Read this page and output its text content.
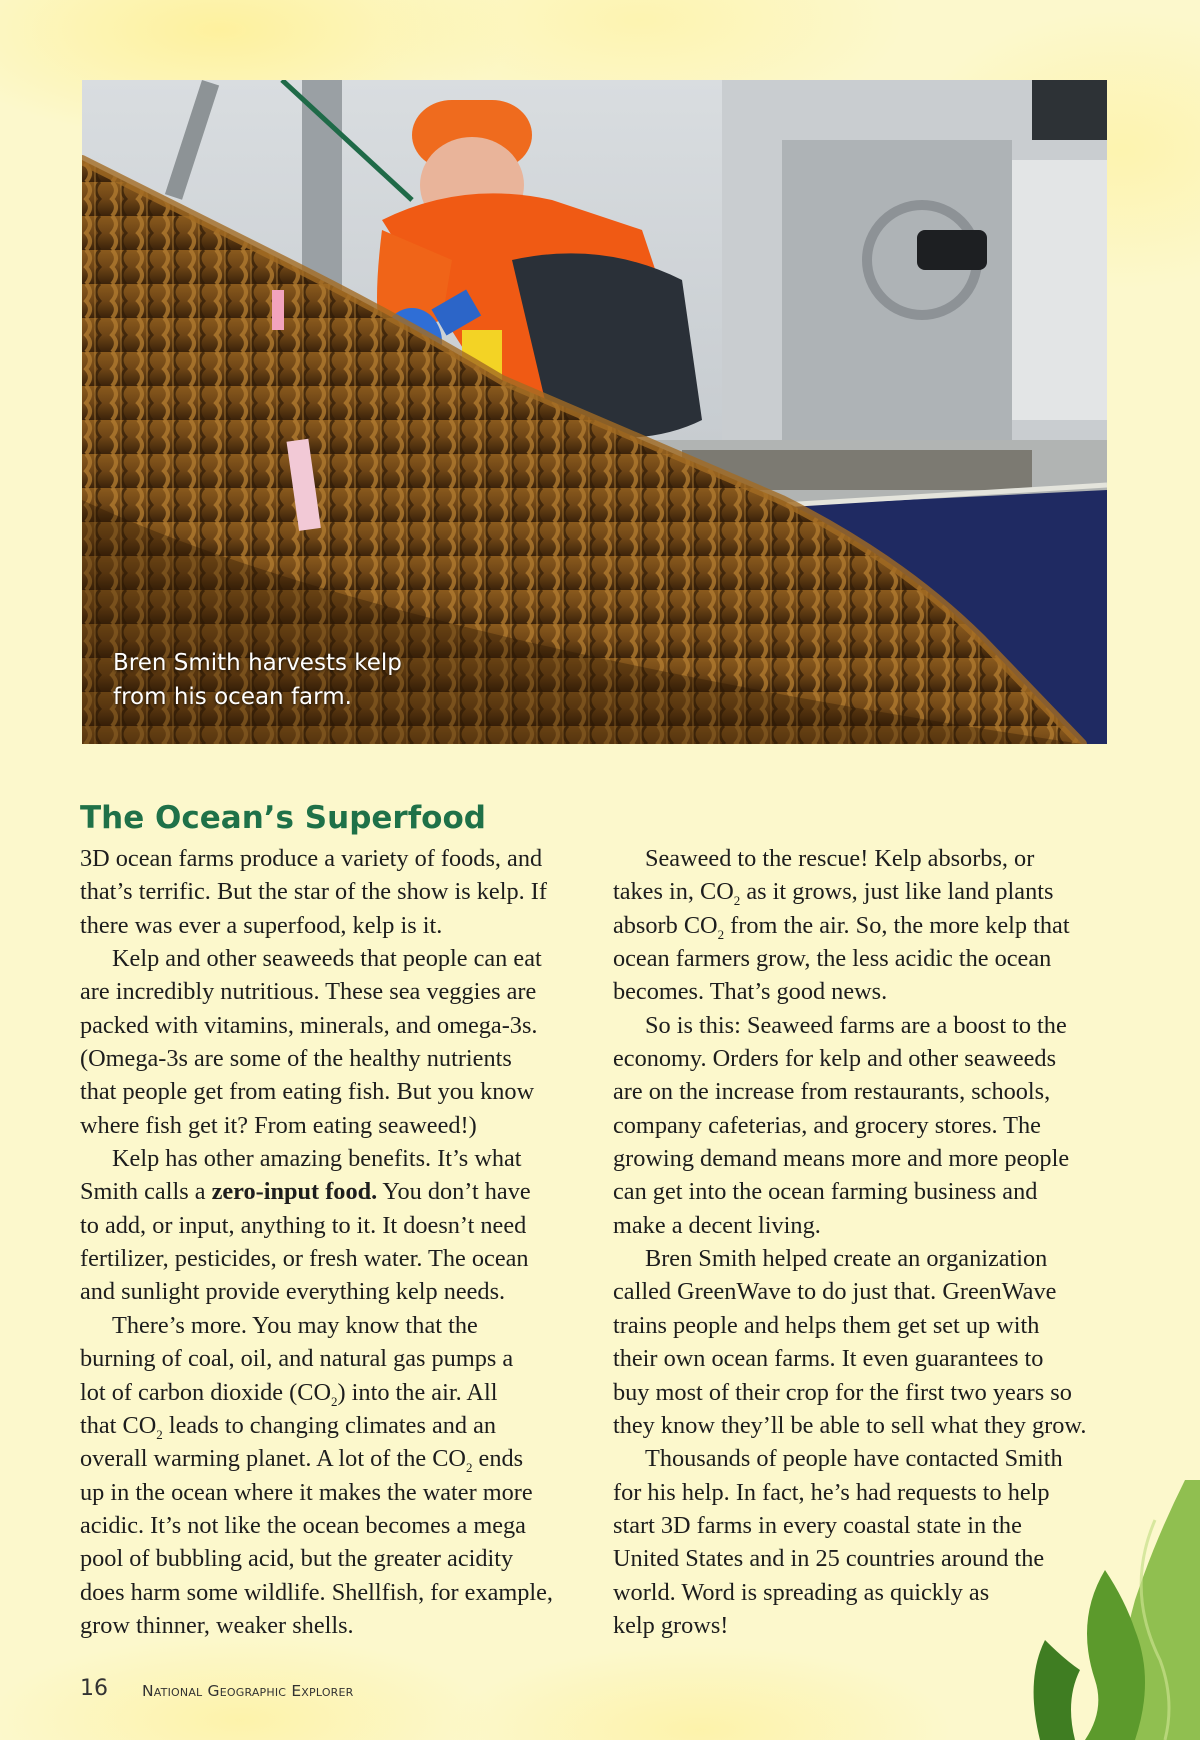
Bren Smith harvests kelp
from his ocean farm.
The Ocean’s Superfood

3D ocean farms produce a variety of foods, and
that’s terrific. But the star of the show is kelp. If
there was ever a superfood, kelp is it.

Kelp and other seaweeds that people can eat
are incredibly nutritious. These sea veggies are
packed with vitamins, minerals, and omega-3s.
(Omega-3s are some of the healthy nutrients
that people get from eating fish. But you know
where fish get it? From eating seaweed!)

Kelp has other amazing benefits. It’s what
Smith calls a zero-input food. You don’t have
to add, or input, anything to it. It doesn’t need
fertilizer, pesticides, or fresh water. The ocean
and sunlight provide everything kelp needs.

There’s more. You may know that the
burning of coal, oil, and natural gas pumps a
lot of carbon dioxide $(CO_2)$ into the air. All
that $CO_2$ leads to changing climates and an
overall warming planet. A lot of the $CO_2$ ends
up in the ocean where it makes the water more
acidic. It’s not like the ocean becomes a mega
pool of bubbling acid, but the greater acidity
does harm some wildlife. Shellfish, for example,
grow thinner, weaker shells.

Seaweed to the rescue! Kelp absorbs, or
takes in, $CO_2$ as it grows, just like land plants
absorb $CO_2$ from the air. So, the more kelp that
ocean farmers grow, the less acidic the ocean
becomes. That’s good news.

So is this: Seaweed farms are a boost to the
economy. Orders for kelp and other seaweeds
are on the increase from restaurants, schools,
company cafeterias, and grocery stores. The
growing demand means more and more people
can get into the ocean farming business and
make a decent living.

Bren Smith helped create an organization
called GreenWave to do just that. GreenWave
trains people and helps them get set up with
their own ocean farms. It even guarantees to
buy most of their crop for the first two years so
they know they’ll be able to sell what they grow.

Thousands of people have contacted Smith
for his help. In fact, he’s had requests to help
start 3D farms in every coastal state in the
United States and in 25 countries around the
world. Word is spreading as quickly as
kelp grows!

16 National Geographic Explorer
